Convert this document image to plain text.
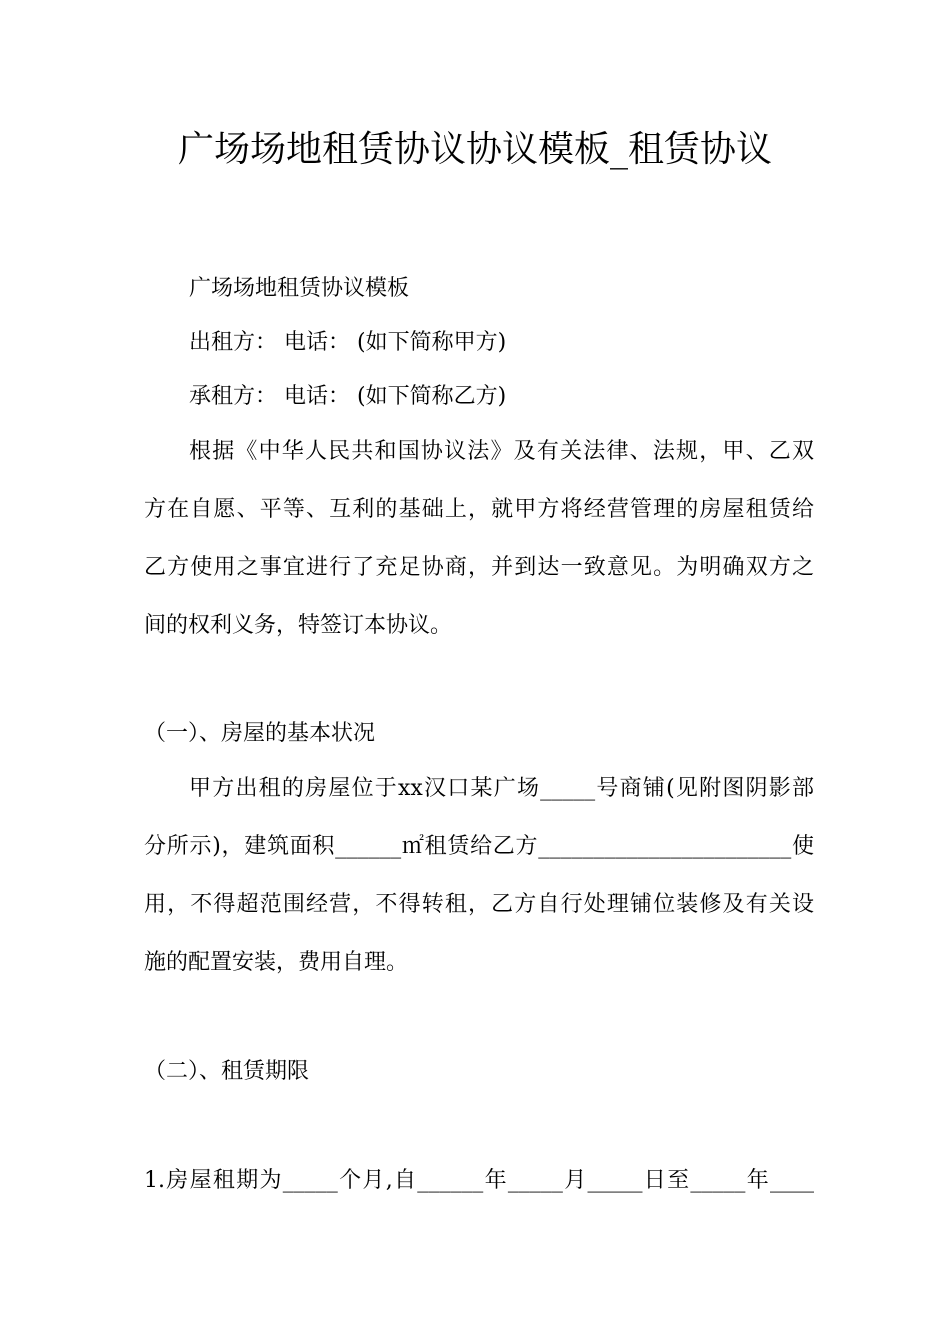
广场场地租赁协议协议模板_租赁协议
广场场地租赁协议模板
出租方： 电话： (如下简称甲方)
承租方： 电话： (如下简称乙方)
根据《中华人民共和国协议法》及有关法律、法规，甲、乙双
方在自愿、平等、互利的基础上，就甲方将经营管理的房屋租赁给
乙方使用之事宜进行了充足协商，并到达一致意见。为明确双方之
间的权利义务，特签订本协议。
（一）、房屋的基本状况
甲方出租的房屋位于xx汉口某广场_____号商铺(见附图阴影部
分所示)，建筑面积______㎡租赁给乙方_______________________使
用，不得超范围经营，不得转租，乙方自行处理铺位装修及有关设
施的配置安装，费用自理。
（二）、租赁期限
1.房屋租期为_____个月,自______年_____月_____日至_____年____
